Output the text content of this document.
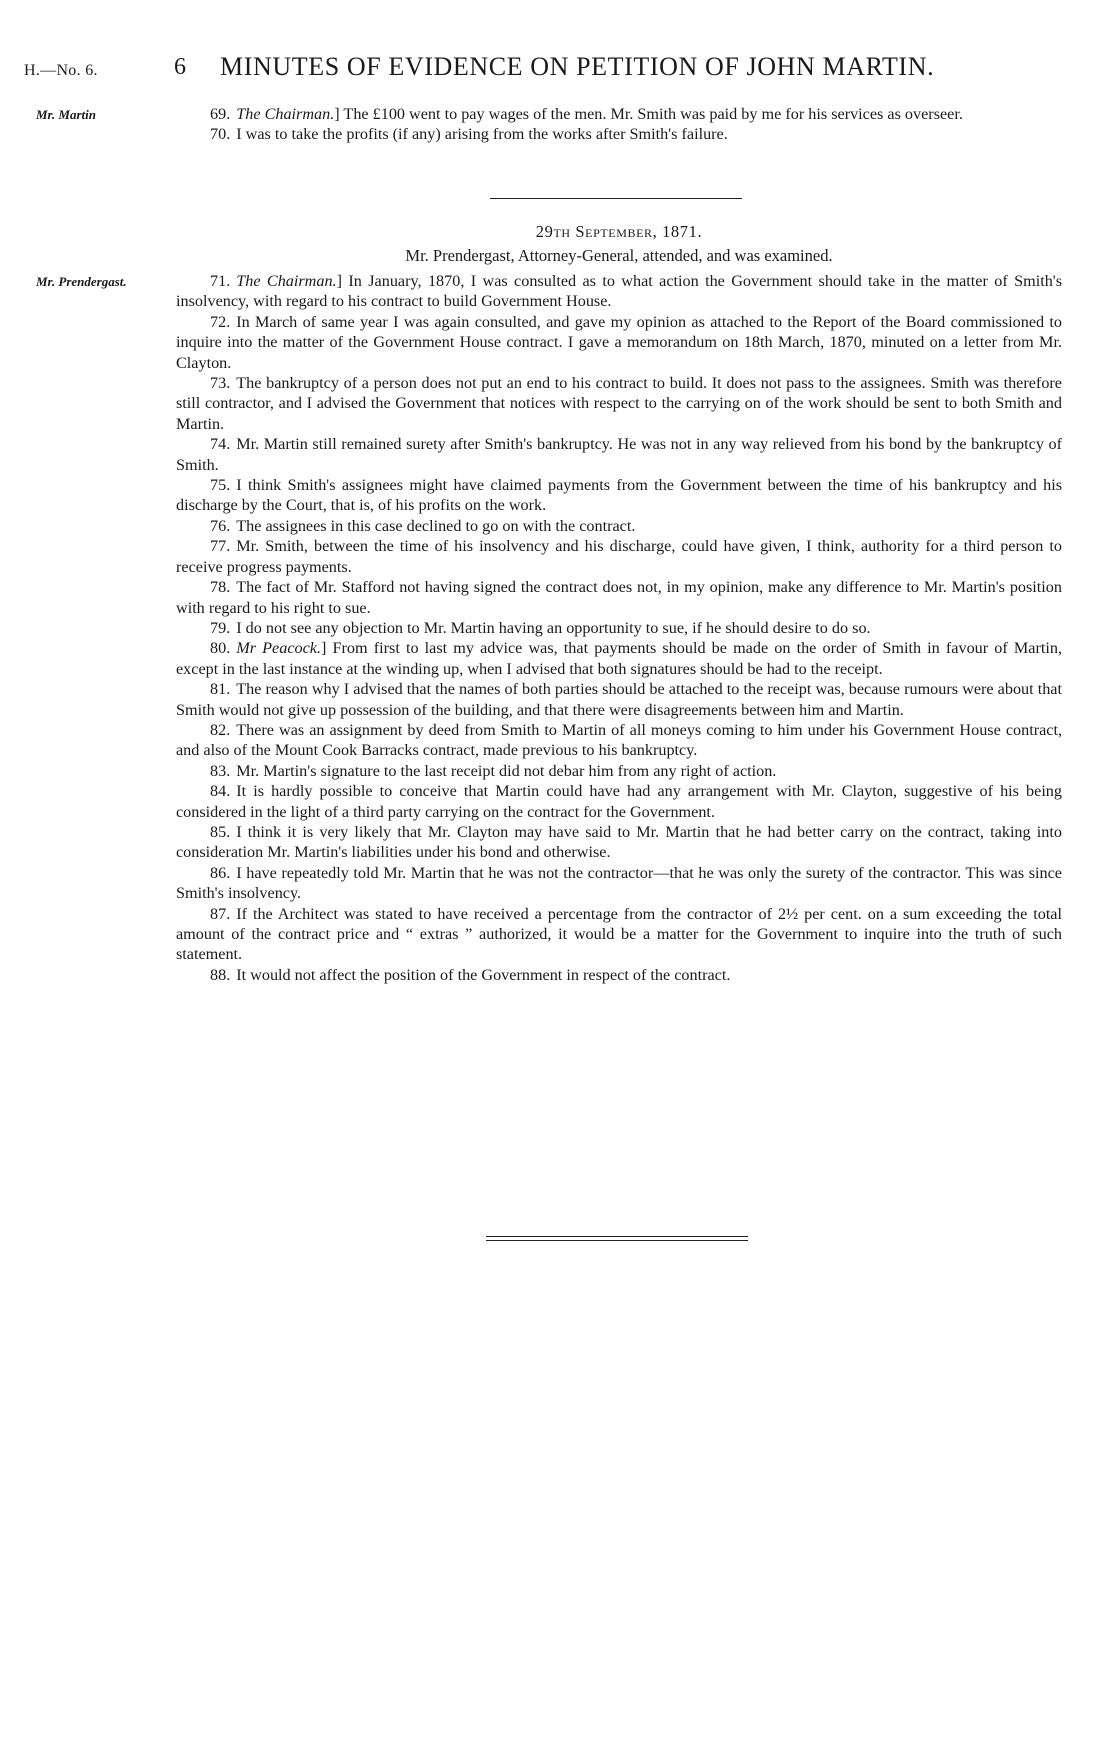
H.—No. 6.	6 MINUTES OF EVIDENCE ON PETITION OF JOHN MARTIN.
Mr. Martin	69. The Chairman.] The £100 went to pay wages of the men. Mr. Smith was paid by me for his services as overseer.

70. I was to take the profits (if any) arising from the works after Smith's failure.

29th September, 1871.
Mr. Prendergast, Attorney-General, attended, and was examined.
Mr. Prendergast.	71. The Chairman.] In January, 1870, I was consulted as to what action the Government should take in the matter of Smith's insolvency, with regard to his contract to build Government House.

72. In March of same year I was again consulted, and gave my opinion as attached to the Report of the Board commissioned to inquire into the matter of the Government House contract. I gave a memorandum on 18th March, 1870, minuted on a letter from Mr. Clayton.

73. The bankruptcy of a person does not put an end to his contract to build. It does not pass to the assignees. Smith was therefore still contractor, and I advised the Government that notices with respect to the carrying on of the work should be sent to both Smith and Martin.

74. Mr. Martin still remained surety after Smith's bankruptcy. He was not in any way relieved from his bond by the bankruptcy of Smith.

75. I think Smith's assignees might have claimed payments from the Government between the time of his bankruptcy and his discharge by the Court, that is, of his profits on the work.

76. The assignees in this case declined to go on with the contract.

77. Mr. Smith, between the time of his insolvency and his discharge, could have given, I think, authority for a third person to receive progress payments.

78. The fact of Mr. Stafford not having signed the contract does not, in my opinion, make any difference to Mr. Martin's position with regard to his right to sue.

79. I do not see any objection to Mr. Martin having an opportunity to sue, if he should desire to do so.

80. Mr Peacock.] From first to last my advice was, that payments should be made on the order of Smith in favour of Martin, except in the last instance at the winding up, when I advised that both signatures should be had to the receipt.

81. The reason why I advised that the names of both parties should be attached to the receipt was, because rumours were about that Smith would not give up possession of the building, and that there were disagreements between him and Martin.

82. There was an assignment by deed from Smith to Martin of all moneys coming to him under his Government House contract, and also of the Mount Cook Barracks contract, made previous to his bankruptcy.

83. Mr. Martin's signature to the last receipt did not debar him from any right of action.

84. It is hardly possible to conceive that Martin could have had any arrangement with Mr. Clayton, suggestive of his being considered in the light of a third party carrying on the contract for the Government.

85. I think it is very likely that Mr. Clayton may have said to Mr. Martin that he had better carry on the contract, taking into consideration Mr. Martin's liabilities under his bond and otherwise.

86. I have repeatedly told Mr. Martin that he was not the contractor—that he was only the surety of the contractor. This was since Smith's insolvency.

87. If the Architect was stated to have received a percentage from the contractor of 2½ per cent. on a sum exceeding the total amount of the contract price and “ extras ” authorized, it would be a matter for the Government to inquire into the truth of such statement.

88. It would not affect the position of the Government in respect of the contract.
